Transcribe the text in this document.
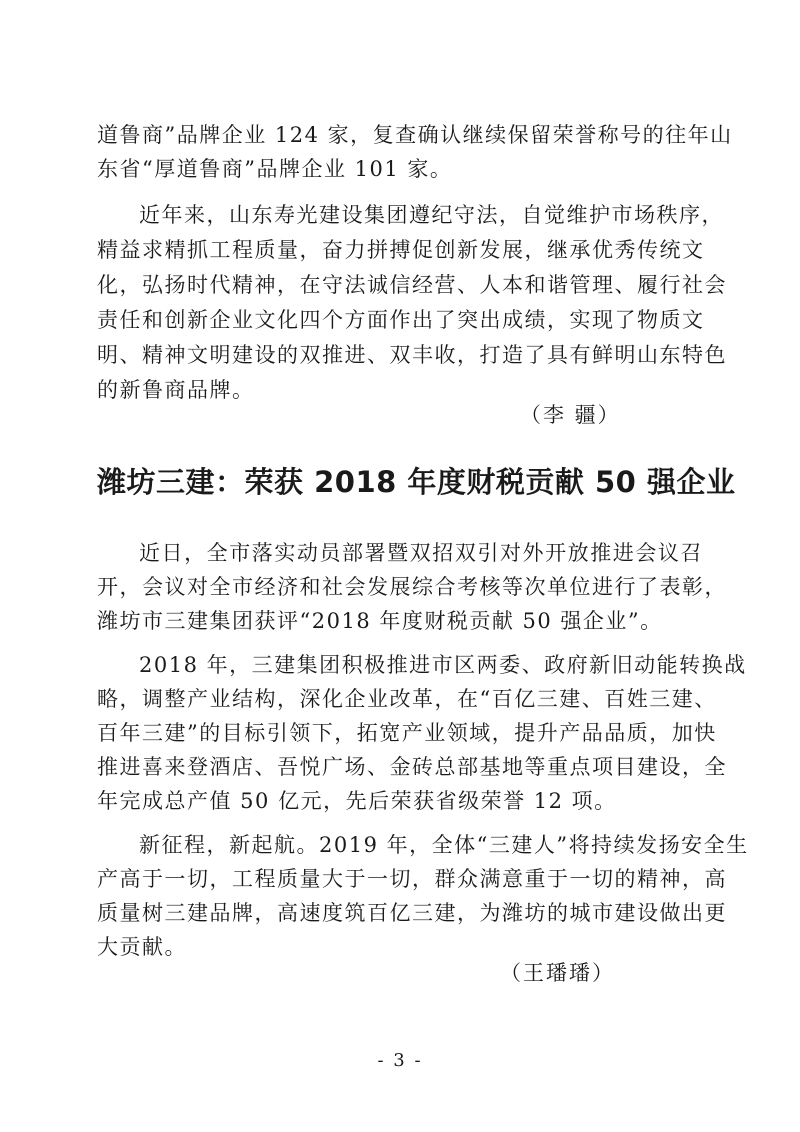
道鲁商”品牌企业 124 家，复查确认继续保留荣誉称号的往年山
东省“厚道鲁商”品牌企业 101 家。
近年来，山东寿光建设集团遵纪守法，自觉维护市场秩序，
精益求精抓工程质量，奋力拼搏促创新发展，继承优秀传统文
化，弘扬时代精神，在守法诚信经营、人本和谐管理、履行社会
责任和创新企业文化四个方面作出了突出成绩，实现了物质文
明、精神文明建设的双推进、双丰收，打造了具有鲜明山东特色
的新鲁商品牌。
（李 疆）
潍坊三建：荣获 2018 年度财税贡献 50 强企业
近日，全市落实动员部署暨双招双引对外开放推进会议召
开，会议对全市经济和社会发展综合考核等次单位进行了表彰，
潍坊市三建集团获评“2018 年度财税贡献 50 强企业”。
2018 年，三建集团积极推进市区两委、政府新旧动能转换战
略，调整产业结构，深化企业改革，在“百亿三建、百姓三建、
百年三建”的目标引领下，拓宽产业领域，提升产品品质，加快
推进喜来登酒店、吾悦广场、金砖总部基地等重点项目建设，全
年完成总产值 50 亿元，先后荣获省级荣誉 12 项。
新征程，新起航。2019 年，全体“三建人”将持续发扬安全生
产高于一切，工程质量大于一切，群众满意重于一切的精神，高
质量树三建品牌，高速度筑百亿三建，为潍坊的城市建设做出更
大贡献。
（王璠璠）
- 3 -
